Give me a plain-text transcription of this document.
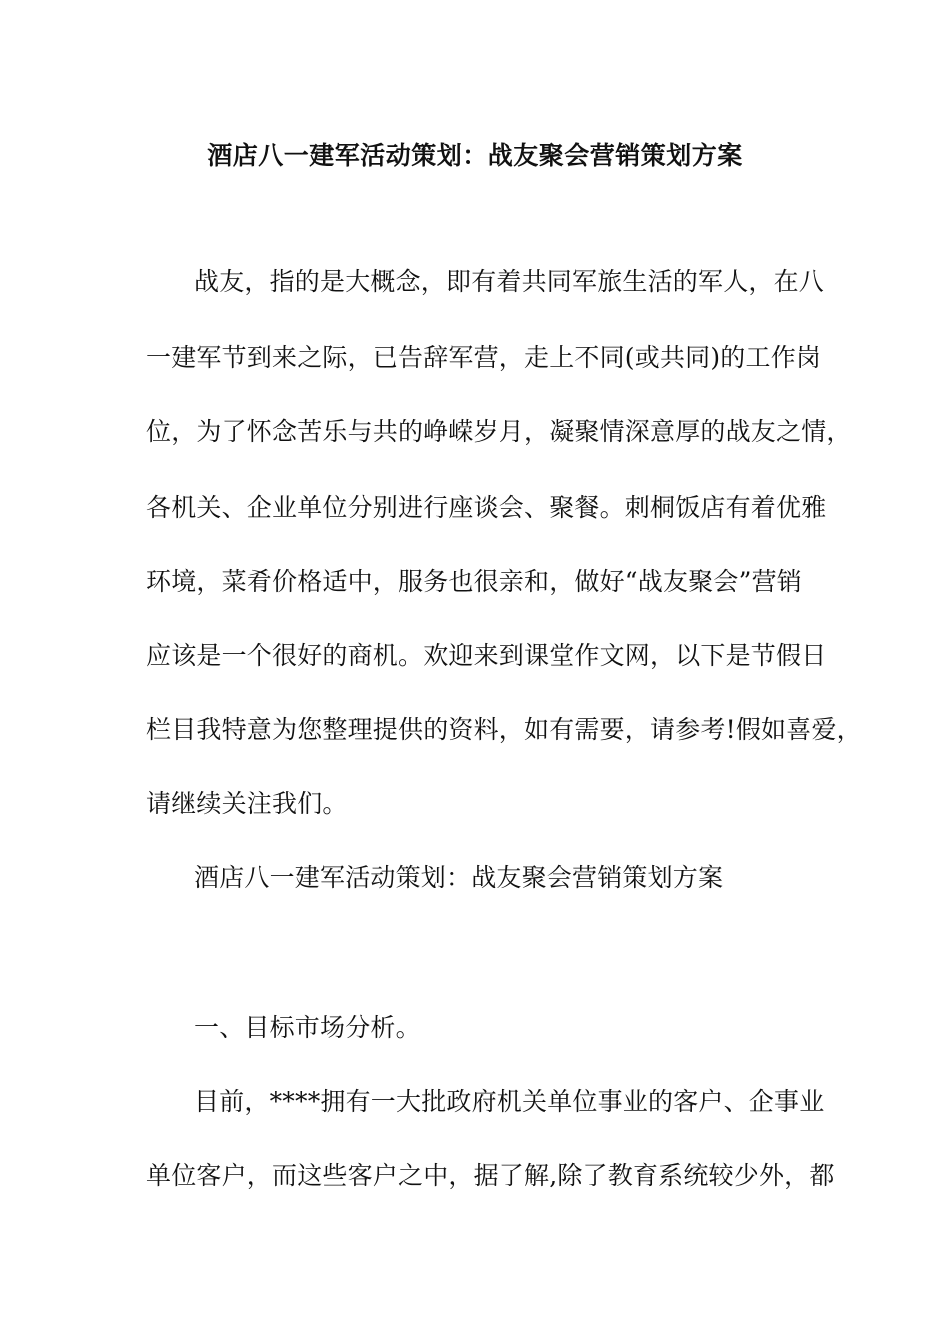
酒店八一建军活动策划：战友聚会营销策划方案
战友，指的是大概念，即有着共同军旅生活的军人，在八
一建军节到来之际，已告辞军营，走上不同(或共同)的工作岗
位，为了怀念苦乐与共的峥嵘岁月，凝聚情深意厚的战友之情，
各机关、企业单位分别进行座谈会、聚餐。刺桐饭店有着优雅
环境，菜肴价格适中，服务也很亲和，做好“战友聚会”营销
应该是一个很好的商机。欢迎来到课堂作文网，以下是节假日
栏目我特意为您整理提供的资料，如有需要，请参考!假如喜爱，
请继续关注我们。
酒店八一建军活动策划：战友聚会营销策划方案
一、目标市场分析。
目前，****拥有一大批政府机关单位事业的客户、企事业
单位客户，而这些客户之中，据了解,除了教育系统较少外，都
